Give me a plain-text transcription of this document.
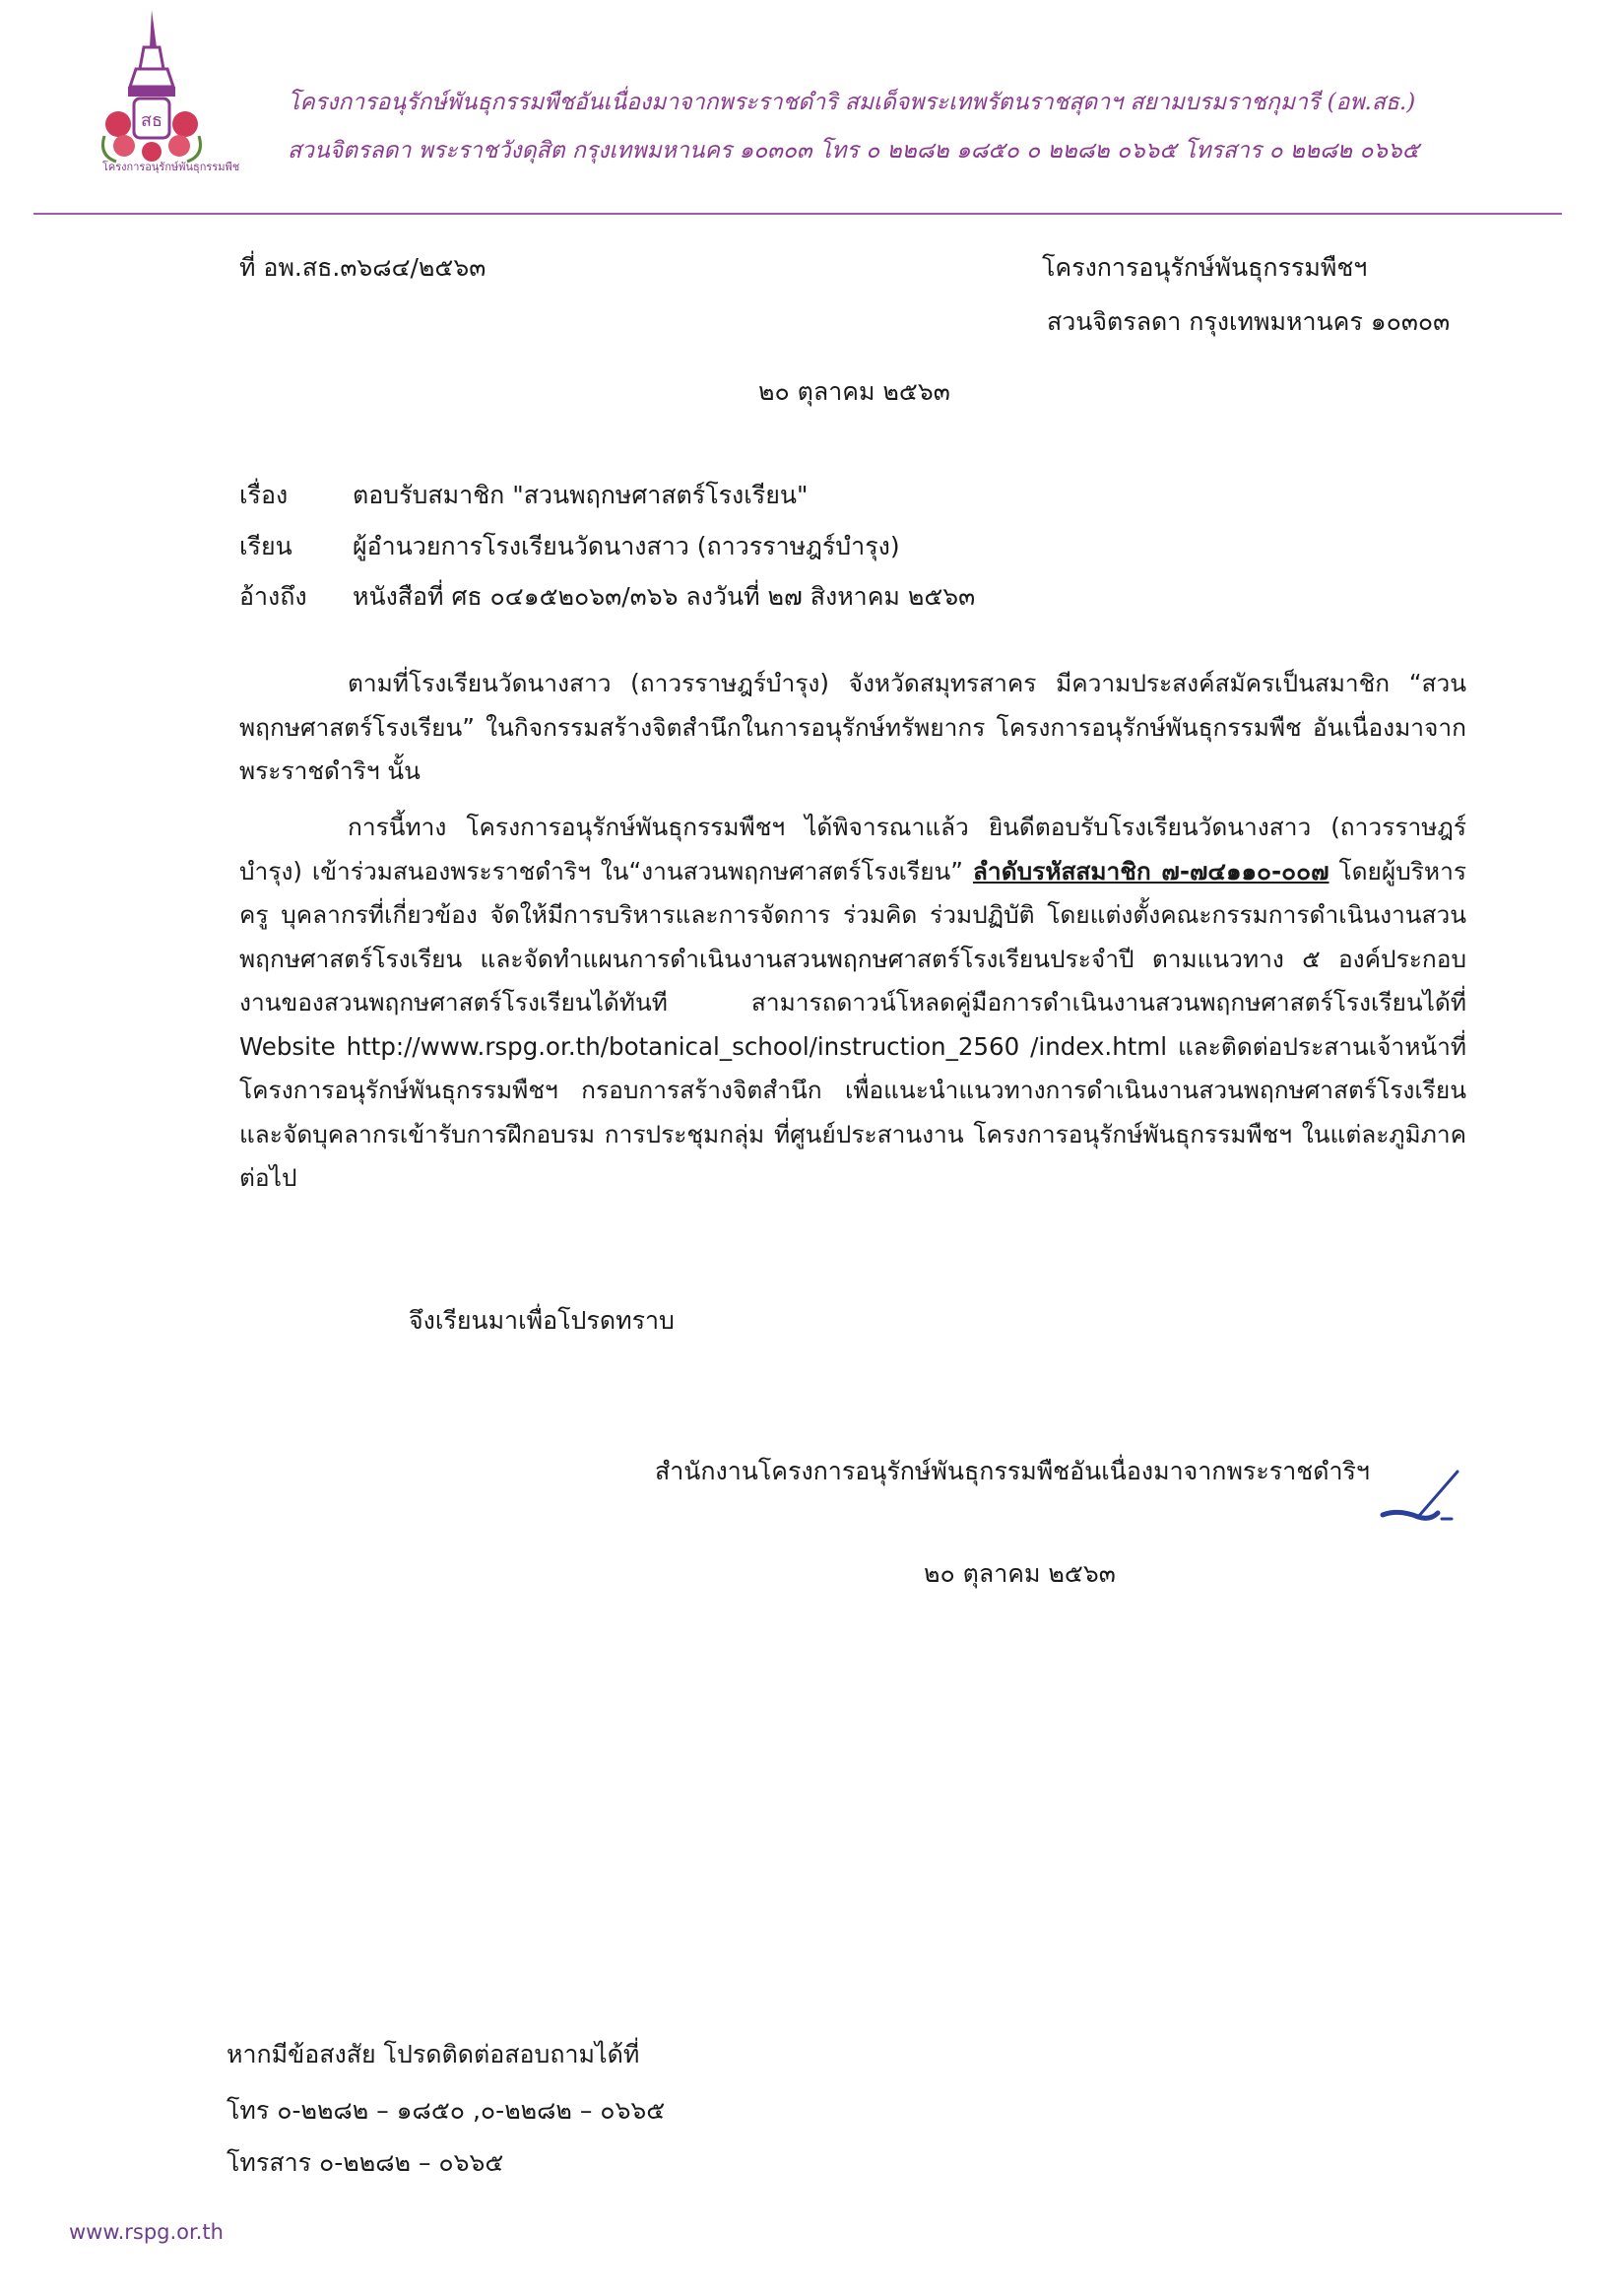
สธ
โครงการอนุรักษ์พันธุกรรมพืช
โครงการอนุรักษ์พันธุกรรมพืชอันเนื่องมาจากพระราชดำริ สมเด็จพระเทพรัตนราชสุดาฯ สยามบรมราชกุมารี (อพ.สธ.)
สวนจิตรลดา พระราชวังดุสิต กรุงเทพมหานคร ๑๐๓๐๓ โทร ๐ ๒๒๘๒ ๑๘๕๐ ๐ ๒๒๘๒ ๐๖๖๕ โทรสาร ๐ ๒๒๘๒ ๐๖๖๕
ที่ อพ.สธ.๓๖๘๔/๒๕๖๓	โครงการอนุรักษ์พันธุกรรมพืชฯ
สวนจิตรลดา กรุงเทพมหานคร ๑๐๓๐๓
๒๐ ตุลาคม ๒๕๖๓
เรื่อง	ตอบรับสมาชิก "สวนพฤกษศาสตร์โรงเรียน"
เรียน	ผู้อำนวยการโรงเรียนวัดนางสาว (ถาวรราษฎร์บำรุง)
อ้างถึง	หนังสือที่ ศธ ๐๔๑๕๒๐๖๓/๓๖๖ ลงวันที่ ๒๗ สิงหาคม ๒๕๖๓
ตามที่โรงเรียนวัดนางสาว (ถาวรราษฎร์บำรุง) จังหวัดสมุทรสาคร มีความประสงค์สมัครเป็นสมาชิก “สวนพฤกษศาสตร์โรงเรียน” ในกิจกรรมสร้างจิตสำนึกในการอนุรักษ์ทรัพยากร โครงการอนุรักษ์พันธุกรรมพืช อันเนื่องมาจากพระราชดำริฯ นั้น
การนี้ทาง โครงการอนุรักษ์พันธุกรรมพืชฯ ได้พิจารณาแล้ว ยินดีตอบรับโรงเรียนวัดนางสาว (ถาวรราษฎร์บำรุง) เข้าร่วมสนองพระราชดำริฯ ใน“งานสวนพฤกษศาสตร์โรงเรียน” ลำดับรหัสสมาชิก ๗-๗๔๑๑๐-๐๐๗ โดยผู้บริหาร ครู บุคลากรที่เกี่ยวข้อง จัดให้มีการบริหารและการจัดการ ร่วมคิด ร่วมปฏิบัติ โดยแต่งตั้งคณะกรรมการดำเนินงานสวนพฤกษศาสตร์โรงเรียน และจัดทำแผนการดำเนินงานสวนพฤกษศาสตร์โรงเรียนประจำปี ตามแนวทาง ๕ องค์ประกอบงานของสวนพฤกษศาสตร์โรงเรียนได้ทันที สามารถดาวน์โหลดคู่มือการดำเนินงานสวนพฤกษศาสตร์โรงเรียนได้ที่ Website http://www.rspg.or.th/botanical_school/instruction_2560 /index.html และติดต่อประสานเจ้าหน้าที่ โครงการอนุรักษ์พันธุกรรมพืชฯ กรอบการสร้างจิตสำนึก เพื่อแนะนำแนวทางการดำเนินงานสวนพฤกษศาสตร์โรงเรียน และจัดบุคลากรเข้ารับการฝึกอบรม การประชุมกลุ่ม ที่ศูนย์ประสานงาน โครงการอนุรักษ์พันธุกรรมพืชฯ ในแต่ละภูมิภาคต่อไป
จึงเรียนมาเพื่อโปรดทราบ
สำนักงานโครงการอนุรักษ์พันธุกรรมพืชอันเนื่องมาจากพระราชดำริฯ
๒๐ ตุลาคม ๒๕๖๓
หากมีข้อสงสัย โปรดติดต่อสอบถามได้ที่
โทร ๐-๒๒๘๒ – ๑๘๕๐ ,๐-๒๒๘๒ – ๐๖๖๕
โทรสาร ๐-๒๒๘๒ – ๐๖๖๕
www.rspg.or.th
